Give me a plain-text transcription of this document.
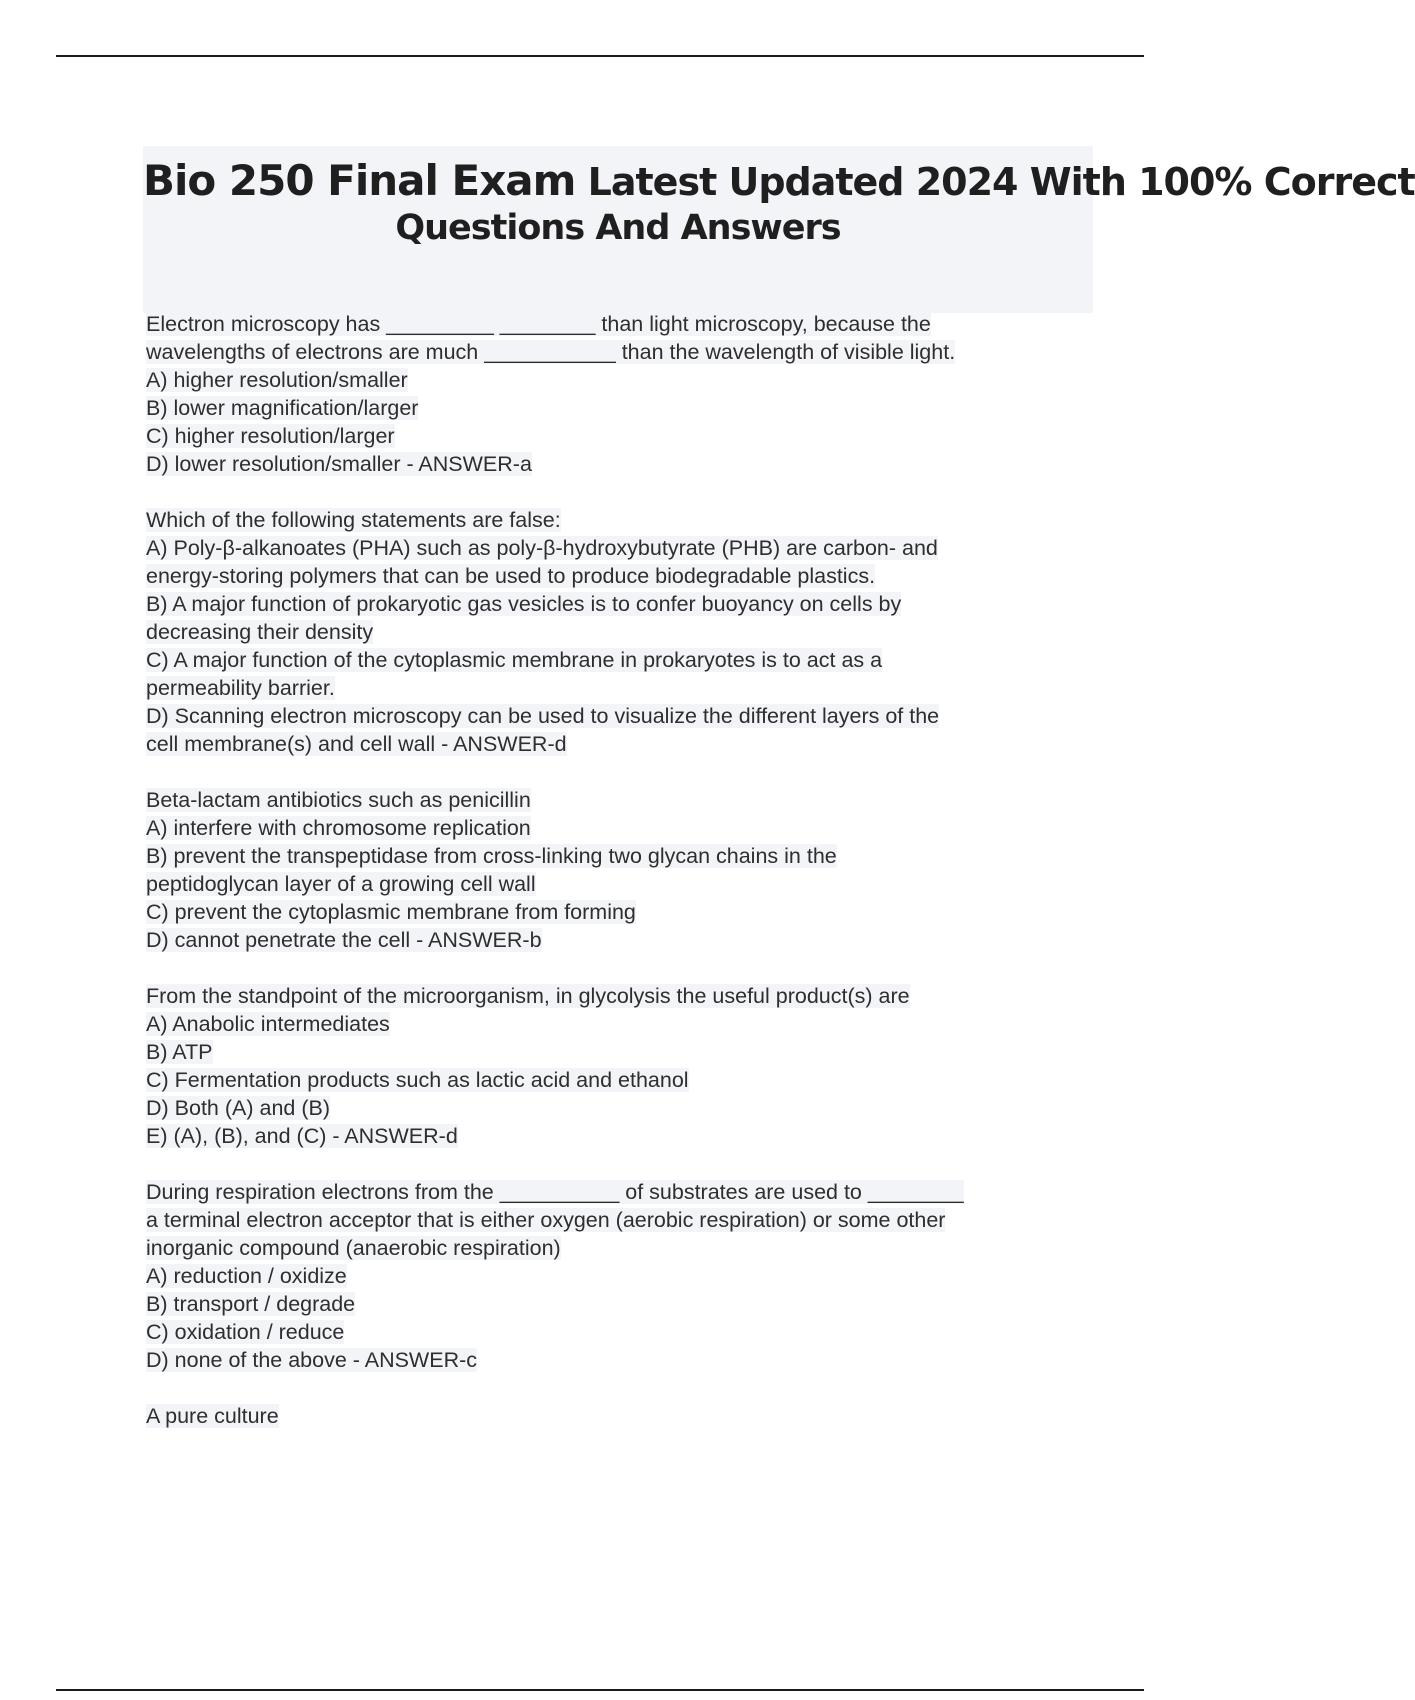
Bio 250 Final Exam Latest Updated 2024 With 100% Correct
Questions And Answers
Electron microscopy has _________ ________ than light microscopy, because the
wavelengths of electrons are much ___________ than the wavelength of visible light.
A) higher resolution/smaller
B) lower magnification/larger
C) higher resolution/larger
D) lower resolution/smaller - ANSWER-a
Which of the following statements are false:
A) Poly-β-alkanoates (PHA) such as poly-β-hydroxybutyrate (PHB) are carbon- and
energy-storing polymers that can be used to produce biodegradable plastics.
B) A major function of prokaryotic gas vesicles is to confer buoyancy on cells by
decreasing their density
C) A major function of the cytoplasmic membrane in prokaryotes is to act as a
permeability barrier.
D) Scanning electron microscopy can be used to visualize the different layers of the
cell membrane(s) and cell wall - ANSWER-d
Beta-lactam antibiotics such as penicillin
A) interfere with chromosome replication
B) prevent the transpeptidase from cross-linking two glycan chains in the
peptidoglycan layer of a growing cell wall
C) prevent the cytoplasmic membrane from forming
D) cannot penetrate the cell - ANSWER-b
From the standpoint of the microorganism, in glycolysis the useful product(s) are
A) Anabolic intermediates
B) ATP
C) Fermentation products such as lactic acid and ethanol
D) Both (A) and (B)
E) (A), (B), and (C) - ANSWER-d
During respiration electrons from the __________ of substrates are used to ________
a terminal electron acceptor that is either oxygen (aerobic respiration) or some other
inorganic compound (anaerobic respiration)
A) reduction / oxidize
B) transport / degrade
C) oxidation / reduce
D) none of the above - ANSWER-c
A pure culture
